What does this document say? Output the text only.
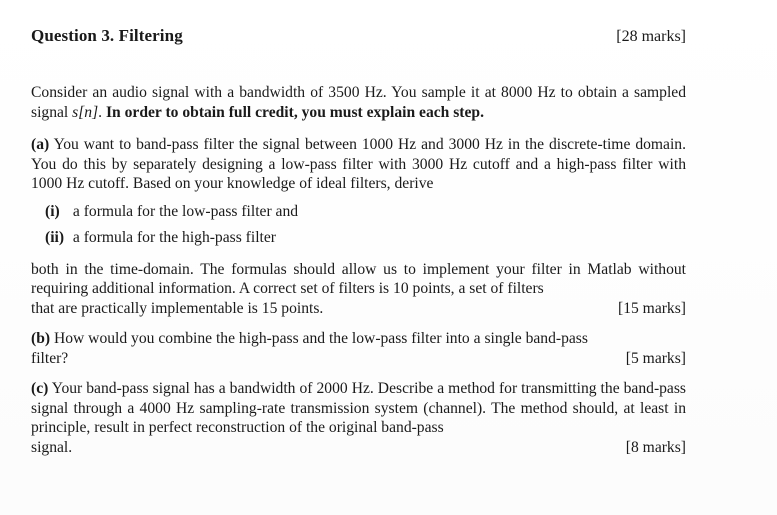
Question 3. Filtering	[28 marks]

Consider an audio signal with a bandwidth of 3500 Hz. You sample it at 8000 Hz to obtain a sampled signal s[n]. In order to obtain full credit, you must explain each step.

(a) You want to band-pass filter the signal between 1000 Hz and 3000 Hz in the discrete-time domain. You do this by separately designing a low-pass filter with 3000 Hz cutoff and a high-pass filter with 1000 Hz cutoff. Based on your knowledge of ideal filters, derive

(i) a formula for the low-pass filter and
(ii) a formula for the high-pass filter

both in the time-domain. The formulas should allow us to implement your filter in Matlab without requiring additional information. A correct set of filters is 10 points, a set of filters

that are practically implementable is 15 points.	[15 marks]

(b) How would you combine the high-pass and the low-pass filter into a single band-pass

filter?	[5 marks]

(c) Your band-pass signal has a bandwidth of 2000 Hz. Describe a method for transmitting the band-pass signal through a 4000 Hz sampling-rate transmission system (channel). The method should, at least in principle, result in perfect reconstruction of the original band-pass

signal.	[8 marks]
